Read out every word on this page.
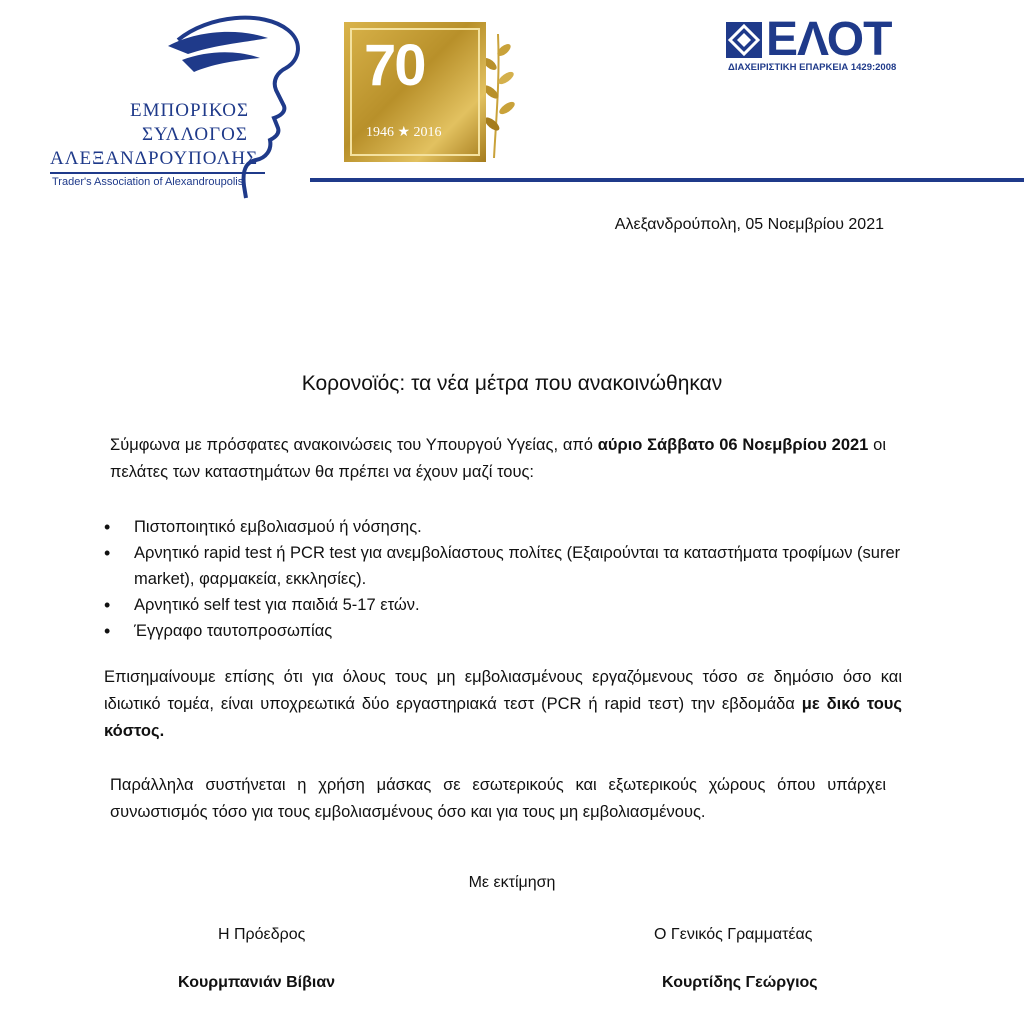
ΕΜΠΟΡΙΚΟΣ
ΣΥΛΛΟΓΟΣ
ΑΛΕΞΑΝΔΡΟΥΠΟΛΗΣ
Trader's Association of Alexandroupolis
70
1946 ★ 2016
ΕΛΟΤ
ΔΙΑΧΕΙΡΙΣΤΙΚΗ ΕΠΑΡΚΕΙΑ 1429:2008
Αλεξανδρούπολη, 05 Νοεμβρίου 2021
Κορονοϊός: τα νέα μέτρα που ανακοινώθηκαν
Σύμφωνα με πρόσφατες ανακοινώσεις του Υπουργού Υγείας, από αύριο Σάββατο 06 Νοεμβρίου 2021 οι πελάτες των καταστημάτων θα πρέπει να έχουν μαζί τους:
• Πιστοποιητικό εμβολιασμού ή νόσησης.
• Αρνητικό rapid test ή PCR test για ανεμβολίαστους πολίτες (Εξαιρούνται τα καταστήματα τροφίμων (surer market), φαρμακεία, εκκλησίες).
• Αρνητικό self test για παιδιά 5-17 ετών.
• Έγγραφο ταυτοπροσωπίας
Επισημαίνουμε επίσης ότι για όλους τους μη εμβολιασμένους εργαζόμενους τόσο σε δημόσιο όσο και ιδιωτικό τομέα, είναι υποχρεωτικά δύο εργαστηριακά τεστ (PCR ή rapid τεστ) την εβδομάδα με δικό τους κόστος.
Παράλληλα συστήνεται η χρήση μάσκας σε εσωτερικούς και εξωτερικούς χώρους όπου υπάρχει συνωστισμός τόσο για τους εμβολιασμένους όσο και για τους μη εμβολιασμένους.
Με εκτίμηση
Η Πρόεδρος	Ο Γενικός Γραμματέας
Κουρμπανιάν Βίβιαν	Κουρτίδης Γεώργιος
